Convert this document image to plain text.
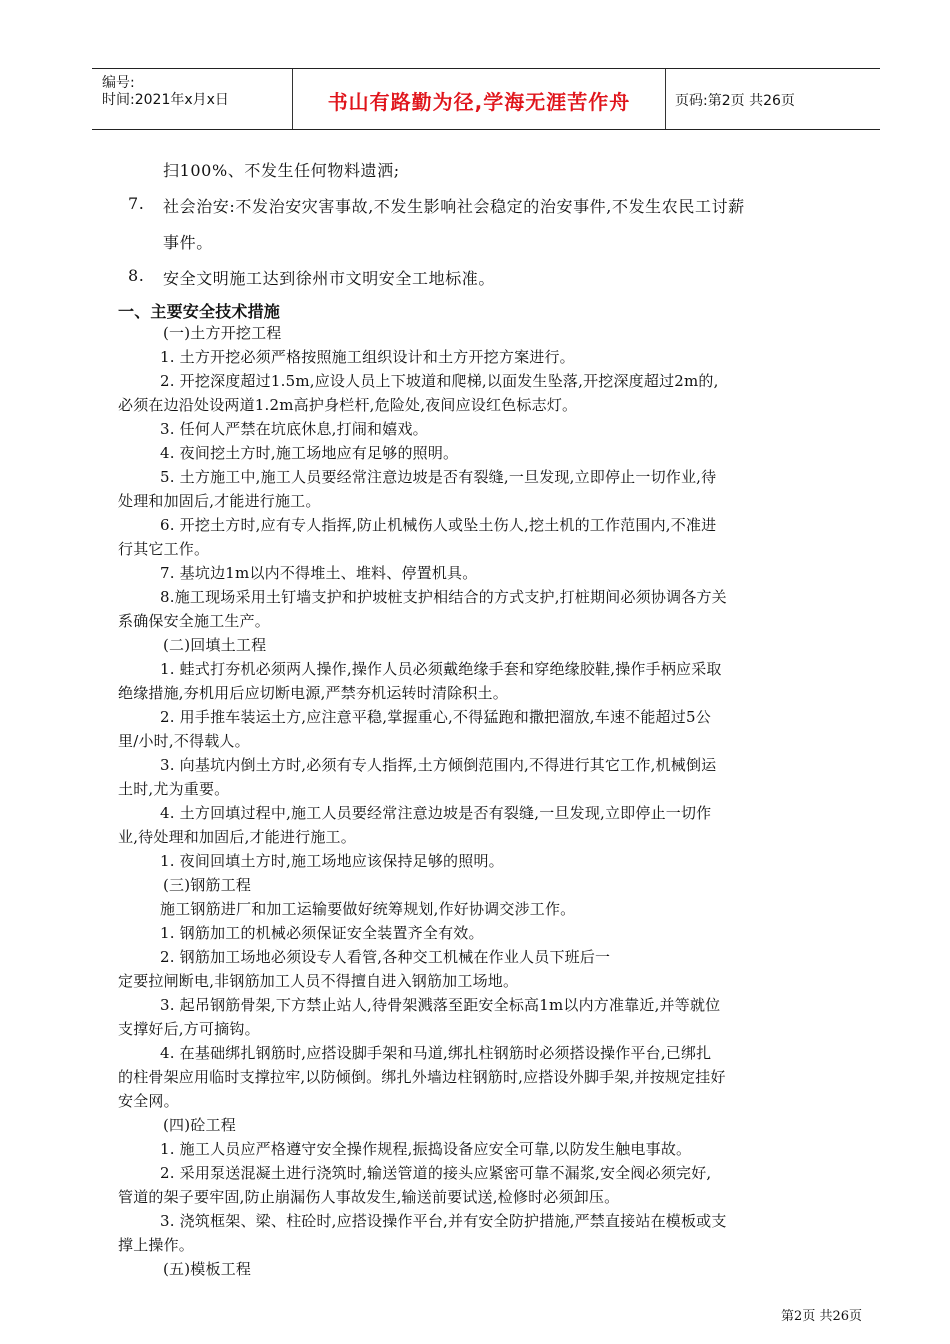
编号:
时间:2021年x月x日	书山有路勤为径,学海无涯苦作舟	页码:第2页 共26页
扫100%、不发生任何物料遗洒;
7. 社会治安:不发治安灾害事故,不发生影响社会稳定的治安事件,不发生农民工讨薪
事件。
8. 安全文明施工达到徐州市文明安全工地标准。
一、主要安全技术措施
(一)土方开挖工程
1. 土方开挖必须严格按照施工组织设计和土方开挖方案进行。
2. 开挖深度超过1.5m,应设人员上下坡道和爬梯,以面发生坠落,开挖深度超过2m的,
必须在边沿处设两道1.2m高护身栏杆,危险处,夜间应设红色标志灯。
3. 任何人严禁在坑底休息,打闹和嬉戏。
4. 夜间挖土方时,施工场地应有足够的照明。
5. 土方施工中,施工人员要经常注意边坡是否有裂缝,一旦发现,立即停止一切作业,待
处理和加固后,才能进行施工。
6. 开挖土方时,应有专人指挥,防止机械伤人或坠土伤人,挖土机的工作范围内,不准进
行其它工作。
7. 基坑边1m以内不得堆土、堆料、停置机具。
8.施工现场采用土钉墙支护和护坡桩支护相结合的方式支护,打桩期间必须协调各方关
系确保安全施工生产。
(二)回填土工程
1. 蛙式打夯机必须两人操作,操作人员必须戴绝缘手套和穿绝缘胶鞋,操作手柄应采取
绝缘措施,夯机用后应切断电源,严禁夯机运转时清除积土。
2. 用手推车装运土方,应注意平稳,掌握重心,不得猛跑和撒把溜放,车速不能超过5公
里/小时,不得载人。
3. 向基坑内倒土方时,必须有专人指挥,土方倾倒范围内,不得进行其它工作,机械倒运
土时,尤为重要。
4. 土方回填过程中,施工人员要经常注意边坡是否有裂缝,一旦发现,立即停止一切作
业,待处理和加固后,才能进行施工。
1. 夜间回填土方时,施工场地应该保持足够的照明。
(三)钢筋工程
施工钢筋进厂和加工运输要做好统筹规划,作好协调交涉工作。
1. 钢筋加工的机械必须保证安全装置齐全有效。
2. 钢筋加工场地必须设专人看管,各种交工机械在作业人员下班后一
定要拉闸断电,非钢筋加工人员不得擅自进入钢筋加工场地。
3. 起吊钢筋骨架,下方禁止站人,待骨架溅落至距安全标高1m以内方准靠近,并等就位
支撑好后,方可摘钩。
4. 在基础绑扎钢筋时,应搭设脚手架和马道,绑扎柱钢筋时必须搭设操作平台,已绑扎
的柱骨架应用临时支撑拉牢,以防倾倒。绑扎外墙边柱钢筋时,应搭设外脚手架,并按规定挂好
安全网。
(四)砼工程
1. 施工人员应严格遵守安全操作规程,振捣设备应安全可靠,以防发生触电事故。
2. 采用泵送混凝土进行浇筑时,输送管道的接头应紧密可靠不漏浆,安全阀必须完好,
管道的架子要牢固,防止崩漏伤人事故发生,输送前要试送,检修时必须卸压。
3. 浇筑框架、梁、柱砼时,应搭设操作平台,并有安全防护措施,严禁直接站在模板或支
撑上操作。
(五)模板工程
第2页 共26页
